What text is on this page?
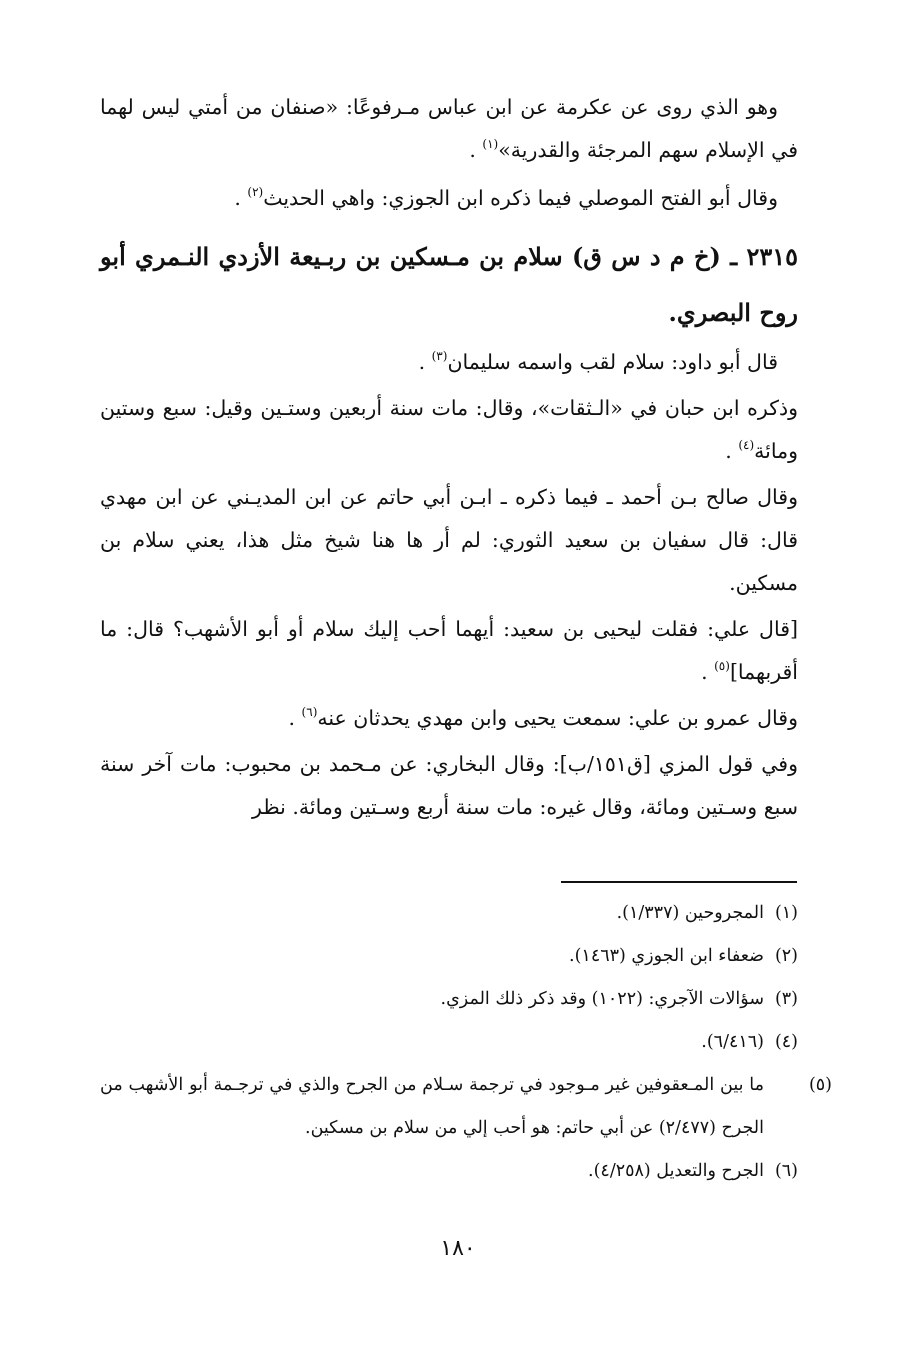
وهو الذي روى عن عكرمة عن ابن عباس مـرفوعًا: «صنفان من أمتي ليس لهما في الإسلام سهم المرجئة والقدرية»$^{(١)}$ .

وقال أبو الفتح الموصلي فيما ذكره ابن الجوزي: واهي الحديث$^{(٢)}$ .

٢٣١٥ ـ (خ م د س ق) سلام بن مـسكين بن ربـيعة الأزدي النـمري أبو روح البصري.

قال أبو داود: سلام لقب واسمه سليمان$^{(٣)}$ .

وذكره ابن حبان في «الـثقات»، وقال: مات سنة أربعين وستـين وقيل: سبع وستين ومائة$^{(٤)}$ .

وقال صالح بـن أحمد ـ فيما ذكره ـ ابـن أبي حاتم عن ابن المديـني عن ابن مهدي قال: قال سفيان بن سعيد الثوري: لم أر ها هنا شيخ مثل هذا، يعني سلام بن مسكين.

[قال علي: فقلت ليحيى بن سعيد: أيهما أحب إليك سلام أو أبو الأشهب؟ قال: ما أقربهما]$^{(٥)}$ .

وقال عمرو بن علي: سمعت يحيى وابن مهدي يحدثان عنه$^{(٦)}$ .

وفي قول المزي [ق١٥١/ب]: وقال البخاري: عن مـحمد بن محبوب: مات آخر سنة سبع وسـتين ومائة، وقال غيره: مات سنة أربع وسـتين ومائة. نظر

(١)المجروحين (١/٣٣٧).

(٢)ضعفاء ابن الجوزي (١٤٦٣).

(٣)سؤالات الآجري: (١٠٢٢) وقد ذكر ذلك المزي.

(٤)(٦/٤١٦).

(٥)ما بين المـعقوفين غير مـوجود في ترجمة سـلام من الجرح والذي في ترجـمة أبو الأشهب من الجرح (٢/٤٧٧) عن أبي حاتم: هو أحب إلي من سلام بن مسكين.

(٦)الجرح والتعديل (٤/٢٥٨).

١٨٠
